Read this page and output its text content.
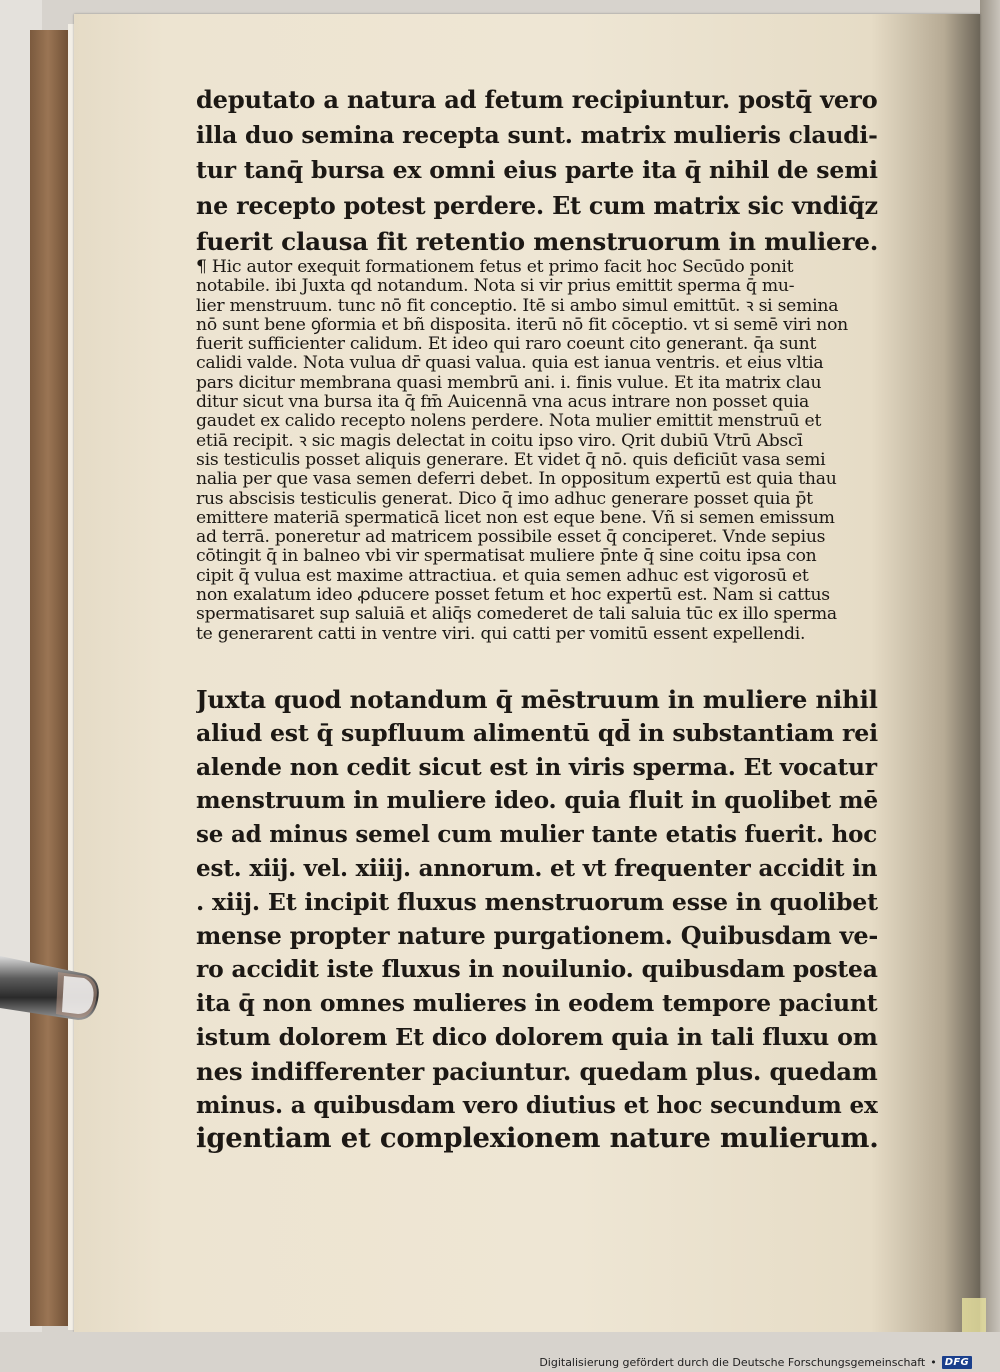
deputato a natura ad fetum recipiuntur. postq̄ vero
illa duo semina recepta sunt. matrix mulieris claudi-
tur tanq̄ bursa ex omni eius parte ita q̄ nihil de semi
ne recepto potest perdere. Et cum matrix sic vndiq̄z
fuerit clausa fit retentio menstruorum in muliere.
¶ Hic autor exequit formationem fetus et primo facit hoc Secūdo ponit
notabile. ibi Juxta qd̄ notandum. Nota si vir prius emittit sperma q̄ mu-
lier menstruum. tunc nō fit conceptio. Itē si ambo simul emittūt. ꝛ si semina
nō sunt bene ꝯformia et bñ disposita. iterū nō fit cōceptio. vt si semē viri non
fuerit sufficienter calidum. Et ideo qui raro coeunt cito generant. q̄a sunt
calidi valde. Nota vulua dr̄ quasi valua. quia est ianua ventris. et eius vltia
pars dicitur membrana quasi membrū ani. i. finis vulue. Et ita matrix clau
ditur sicut vna bursa ita q̄ fm̄ Auicennā vna acus intrare non posset quia
gaudet ex calido recepto nolens perdere. Nota mulier emittit menstruū et
etiā recipit. ꝛ sic magis delectat in coitu ipso viro. Qrit dubiū Vtrū Abscī
sis testiculis posset aliquis generare. Et videt q̄ nō. quis deficiūt vasa semi
nalia per que vasa semen deferri debet. In oppositum expertū est quia thau
rus abscisis testiculis generat. Dico q̄ imo adhuc generare posset quia p̄t
emittere materiā spermaticā licet non est eque bene. Vñ si semen emissum
ad terrā. poneretur ad matricem possibile esset q̄ conciperet. Vnde sepius
cōtingit q̄ in balneo vbi vir spermatisat muliere p̄nte q̄ sine coitu ipsa con
cipit q̄ vulua est maxime attractiua. et quia semen adhuc est vigorosū et
non exalatum ideo ꝓducere posset fetum et hoc expertū est. Nam si cattus
spermatisaret sup saluiā et aliq̄s comederet de tali saluia tūc ex illo sperma
te generarent catti in ventre viri. qui catti per vomitū essent expellendi.
Juxta quod notandum q̄ mēstruum in muliere nihil
aliud est q̄ supfluum alimentū qd̄ in substantiam rei
alende non cedit sicut est in viris sperma. Et vocatur
menstruum in muliere ideo. quia fluit in quolibet mē
se ad minus semel cum mulier tante etatis fuerit. hoc
est. xiij. vel. xiiij. annorum. et vt frequenter accidit in
. xiij. Et incipit fluxus menstruorum esse in quolibet
mense propter nature purgationem. Quibusdam ve-
ro accidit iste fluxus in nouilunio. quibusdam postea
ita q̄ non omnes mulieres in eodem tempore paciunt
istum dolorem Et dico dolorem quia in tali fluxu om
nes indifferenter paciuntur. quedam plus. quedam
minus. a quibusdam vero diutius et hoc secundum ex
igentiam et complexionem nature mulierum.
Digitalisierung gefördert durch die Deutsche Forschungsgemeinschaft • DFG
